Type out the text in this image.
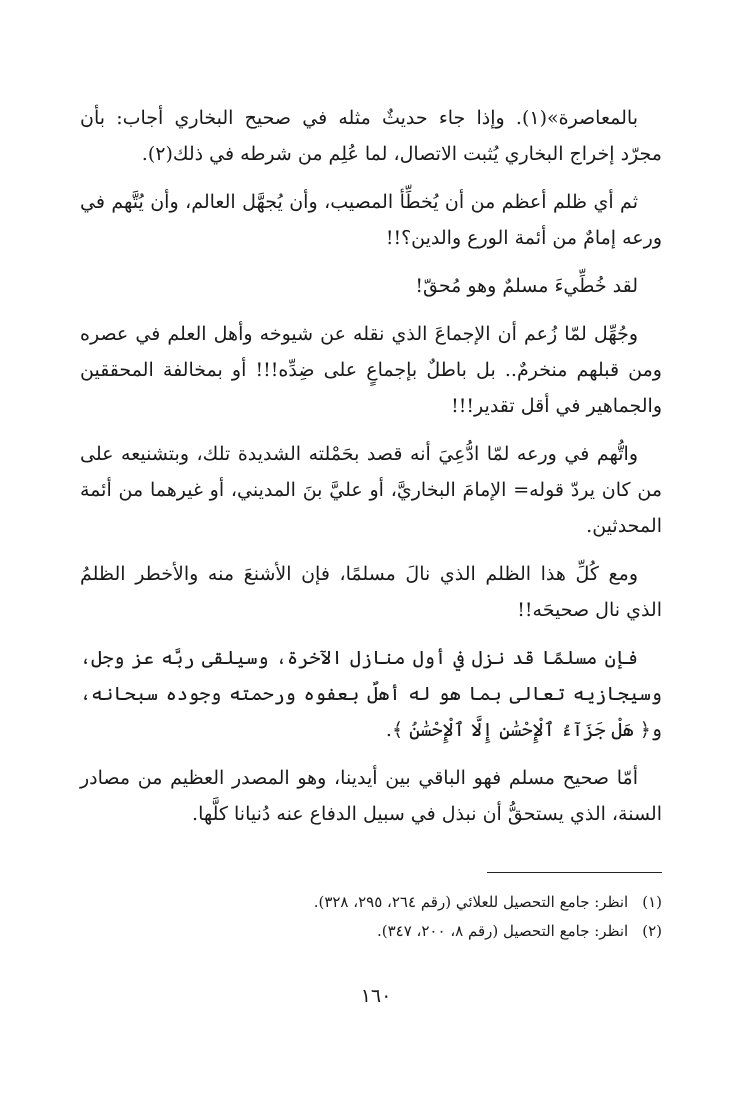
بالمعاصرة»(١). وإذا جاء حديثٌ مثله في صحيح البخاري أجاب: بأن مجرّد إخراج البخاري يُثبت الاتصال، لما عُلِم من شرطه في ذلك(٢).

ثم أي ظلم أعظم من أن يُخطِّأ المصيب، وأن يُجهَّل العالم، وأن يُتَّهم في ورعه إمامٌ من أئمة الورع والدين؟!!

لقد خُطِّيءَ مسلمٌ وهو مُحقّ!

وجُهِّل لمّا زُعم أن الإجماعَ الذي نقله عن شيوخه وأهل العلم في عصره ومن قبلهم منخرمٌ.. بل باطلٌ بإجماعٍ على ضِدِّه!!! أو بمخالفة المحققين والجماهير في أقل تقدير!!!

واتُّهم في ورعه لمّا ادُّعِيَ أنه قصد بحَمْلته الشديدة تلك، وبتشنيعه على من كان يردّ قوله= الإمامَ البخاريَّ، أو عليَّ بنَ المديني، أو غيرهما من أئمة المحدثين.

ومع كُلِّ هذا الظلم الذي نالَ مسلمًا، فإن الأشنعَ منه والأخطر الظلمُ الذي نال صحيحَه!!

فإن مسلمًا قد نزل في أول منازل الآخرة، وسيلقى ربَّه عز وجل، وسيجازيه تعالى بما هو له أهلٌ بعفوه ورحمته وجوده سبحانه، و﴿ هَلْ جَزَآءُ ٱلْإِحْسَٰنِ إِلَّا ٱلْإِحْسَٰنُ ﴾.

أمّا صحيح مسلم فهو الباقي بين أيدينا، وهو المصدر العظيم من مصادر السنة، الذي يستحقُّ أن نبذل في سبيل الدفاع عنه دُنيانا كلَّها.

(١)انظر: جامع التحصيل للعلائي (رقم ٢٦٤، ٢٩٥، ٣٢٨).

(٢)انظر: جامع التحصيل (رقم ٨، ٢٠٠، ٣٤٧).

١٦٠
